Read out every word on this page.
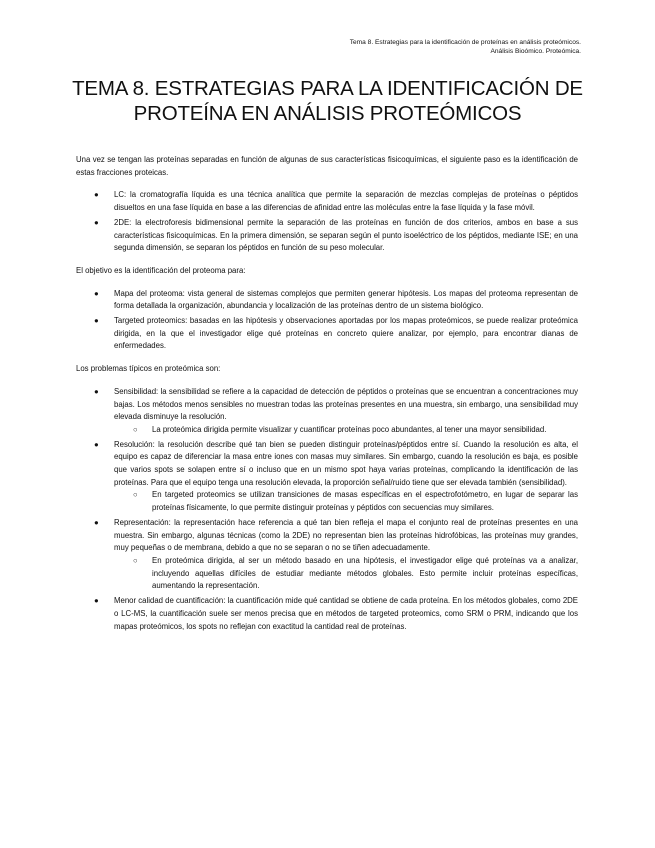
Tema 8. Estrategias para la identificación de proteínas en análisis proteómicos.
Análisis Bioómico. Proteómica.
TEMA 8. ESTRATEGIAS PARA LA IDENTIFICACIÓN DE PROTEÍNA EN ANÁLISIS PROTEÓMICOS

Una vez se tengan las proteínas separadas en función de algunas de sus características fisicoquímicas, el siguiente paso es la identificación de estas fracciones proteicas.

● LC: la cromatografía líquida es una técnica analítica que permite la separación de mezclas complejas de proteínas o péptidos disueltos en una fase líquida en base a las diferencias de afinidad entre las moléculas entre la fase líquida y la fase móvil.
● 2DE: la electroforesis bidimensional permite la separación de las proteínas en función de dos criterios, ambos en base a sus características fisicoquímicas. En la primera dimensión, se separan según el punto isoeléctrico de los péptidos, mediante ISE; en una segunda dimensión, se separan los péptidos en función de su peso molecular.

El objetivo es la identificación del proteoma para:

● Mapa del proteoma: vista general de sistemas complejos que permiten generar hipótesis. Los mapas del proteoma representan de forma detallada la organización, abundancia y localización de las proteínas dentro de un sistema biológico.
● Targeted proteomics: basadas en las hipótesis y observaciones aportadas por los mapas proteómicos, se puede realizar proteómica dirigida, en la que el investigador elige qué proteínas en concreto quiere analizar, por ejemplo, para encontrar dianas de enfermedades.

Los problemas típicos en proteómica son:

● Sensibilidad: la sensibilidad se refiere a la capacidad de detección de péptidos o proteínas que se encuentran a concentraciones muy bajas. Los métodos menos sensibles no muestran todas las proteínas presentes en una muestra, sin embargo, una sensibilidad muy elevada disminuye la resolución.
○ La proteómica dirigida permite visualizar y cuantificar proteínas poco abundantes, al tener una mayor sensibilidad.
● Resolución: la resolución describe qué tan bien se pueden distinguir proteínas/péptidos entre sí. Cuando la resolución es alta, el equipo es capaz de diferenciar la masa entre iones con masas muy similares. Sin embargo, cuando la resolución es baja, es posible que varios spots se solapen entre sí o incluso que en un mismo spot haya varias proteínas, complicando la identificación de las proteínas. Para que el equipo tenga una resolución elevada, la proporción señal/ruido tiene que ser elevada también (sensibilidad).
○ En targeted proteomics se utilizan transiciones de masas específicas en el espectrofotómetro, en lugar de separar las proteínas físicamente, lo que permite distinguir proteínas y péptidos con secuencias muy similares.
● Representación: la representación hace referencia a qué tan bien refleja el mapa el conjunto real de proteínas presentes en una muestra. Sin embargo, algunas técnicas (como la 2DE) no representan bien las proteínas hidrofóbicas, las proteínas muy grandes, muy pequeñas o de membrana, debido a que no se separan o no se tiñen adecuadamente.
○ En proteómica dirigida, al ser un método basado en una hipótesis, el investigador elige qué proteínas va a analizar, incluyendo aquellas difíciles de estudiar mediante métodos globales. Esto permite incluir proteínas específicas, aumentando la representación.
● Menor calidad de cuantificación: la cuantificación mide qué cantidad se obtiene de cada proteína. En los métodos globales, como 2DE o LC-MS, la cuantificación suele ser menos precisa que en métodos de targeted proteomics, como SRM o PRM, indicando que los mapas proteómicos, los spots no reflejan con exactitud la cantidad real de proteínas.
